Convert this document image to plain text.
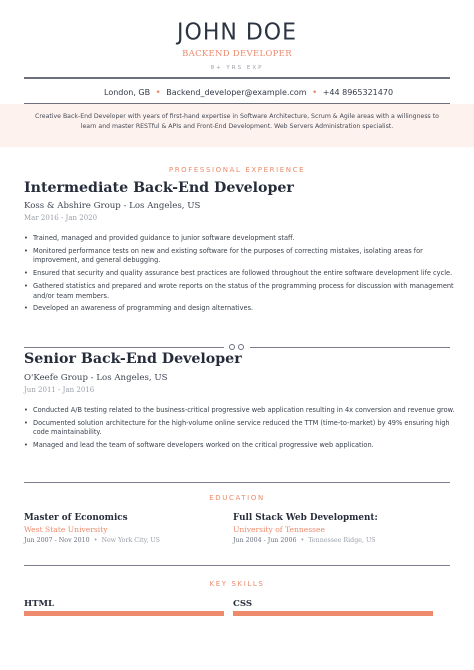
JOHN DOE
BACKEND DEVELOPER
8+ YRS EXP
London, GB  •  Backend_developer@example.com  •  +44 8965321470
Creative Back-End Developer with years of first-hand expertise in Software Architecture, Scrum & Agile areas with a willingness to learn and master RESTful & APIs and Front-End Development. Web Servers Administration specialist.
PROFESSIONAL EXPERIENCE
Intermediate Back-End Developer
Koss & Abshire Group - Los Angeles, US
Mar 2016 - Jan 2020
• Trained, managed and provided guidance to junior software development staff.
• Monitored performance tests on new and existing software for the purposes of correcting mistakes, isolating areas for improvement, and general debugging.
• Ensured that security and quality assurance best practices are followed throughout the entire software development life cycle.
• Gathered statistics and prepared and wrote reports on the status of the programming process for discussion with management and/or team members.
• Developed an awareness of programming and design alternatives.
Senior Back-End Developer
O'Keefe Group - Los Angeles, US
Jun 2011 - Jan 2016
• Conducted A/B testing related to the business-critical progressive web application resulting in 4x conversion and revenue grow.
• Documented solution architecture for the high-volume online service reduced the TTM (time-to-market) by 49% ensuring high code maintainability.
• Managed and lead the team of software developers worked on the critical progressive web application.
EDUCATION
Master of Economics
West State University
Jun 2007 - Nov 2010  •  New York City, US
Full Stack Web Development:
University of Tennessee
Jun 2004 - Jun 2006  •  Tennessee Ridge, US
KEY SKILLS
HTML	CSS
